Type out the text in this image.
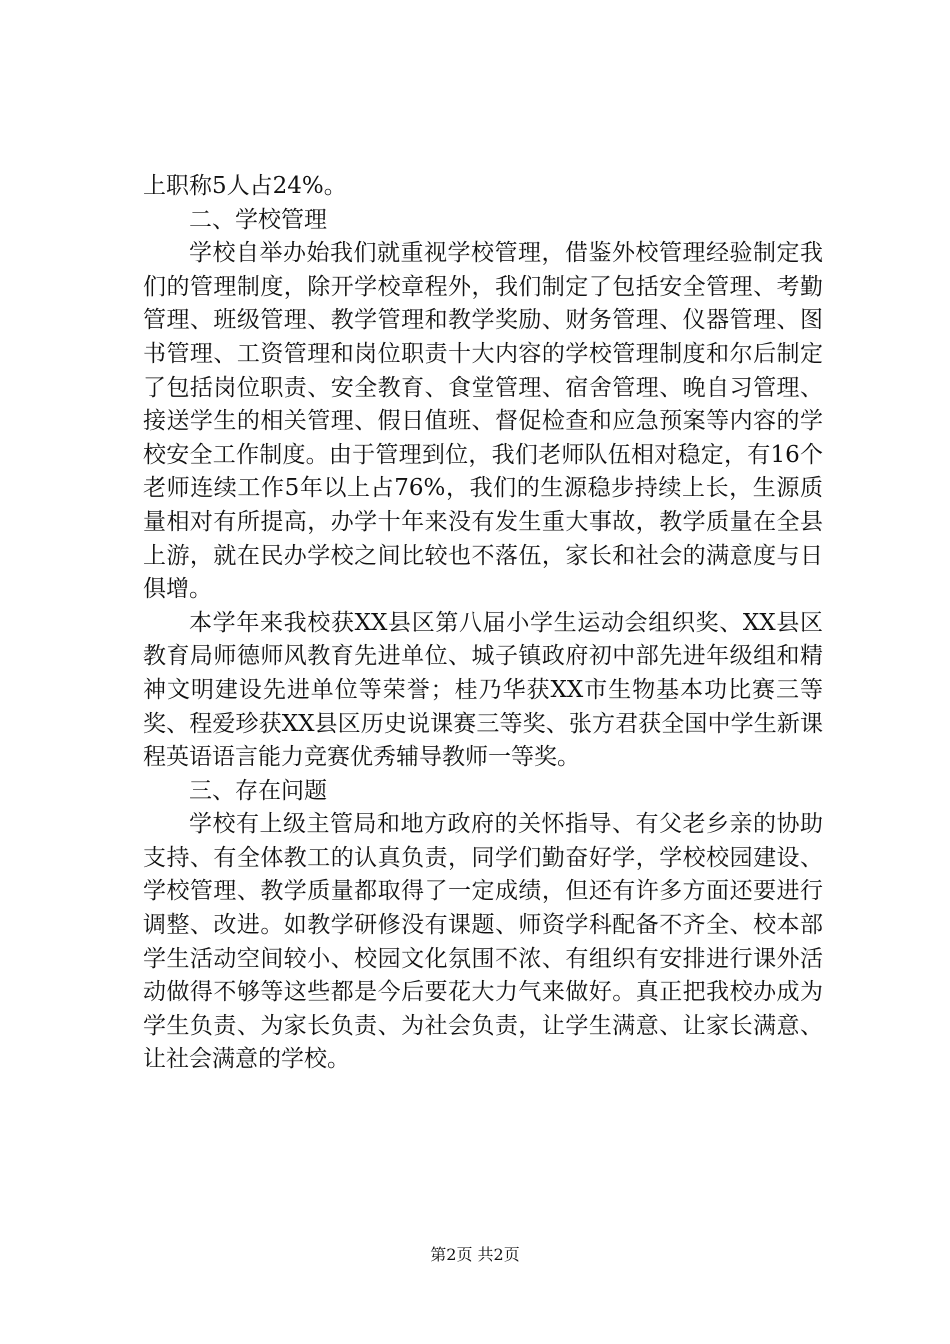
上职称5人占24%。

二、学校管理

学校自举办始我们就重视学校管理，借鉴外校管理经验制定我们的管理制度，除开学校章程外，我们制定了包括安全管理、考勤管理、班级管理、教学管理和教学奖励、财务管理、仪器管理、图书管理、工资管理和岗位职责十大内容的学校管理制度和尔后制定了包括岗位职责、安全教育、食堂管理、宿舍管理、晚自习管理、接送学生的相关管理、假日值班、督促检查和应急预案等内容的学校安全工作制度。由于管理到位，我们老师队伍相对稳定，有16个老师连续工作5年以上占76%，我们的生源稳步持续上长，生源质量相对有所提高，办学十年来没有发生重大事故，教学质量在全县上游，就在民办学校之间比较也不落伍，家长和社会的满意度与日俱增。

本学年来我校获XX县区第八届小学生运动会组织奖、XX县区教育局师德师风教育先进单位、城子镇政府初中部先进年级组和精神文明建设先进单位等荣誉；桂乃华获XX市生物基本功比赛三等奖、程爱珍获XX县区历史说课赛三等奖、张方君获全国中学生新课程英语语言能力竞赛优秀辅导教师一等奖。

三、存在问题

学校有上级主管局和地方政府的关怀指导、有父老乡亲的协助支持、有全体教工的认真负责，同学们勤奋好学，学校校园建设、学校管理、教学质量都取得了一定成绩，但还有许多方面还要进行调整、改进。如教学研修没有课题、师资学科配备不齐全、校本部学生活动空间较小、校园文化氛围不浓、有组织有安排进行课外活动做得不够等这些都是今后要花大力气来做好。真正把我校办成为学生负责、为家长负责、为社会负责，让学生满意、让家长满意、让社会满意的学校。

第2页 共2页
